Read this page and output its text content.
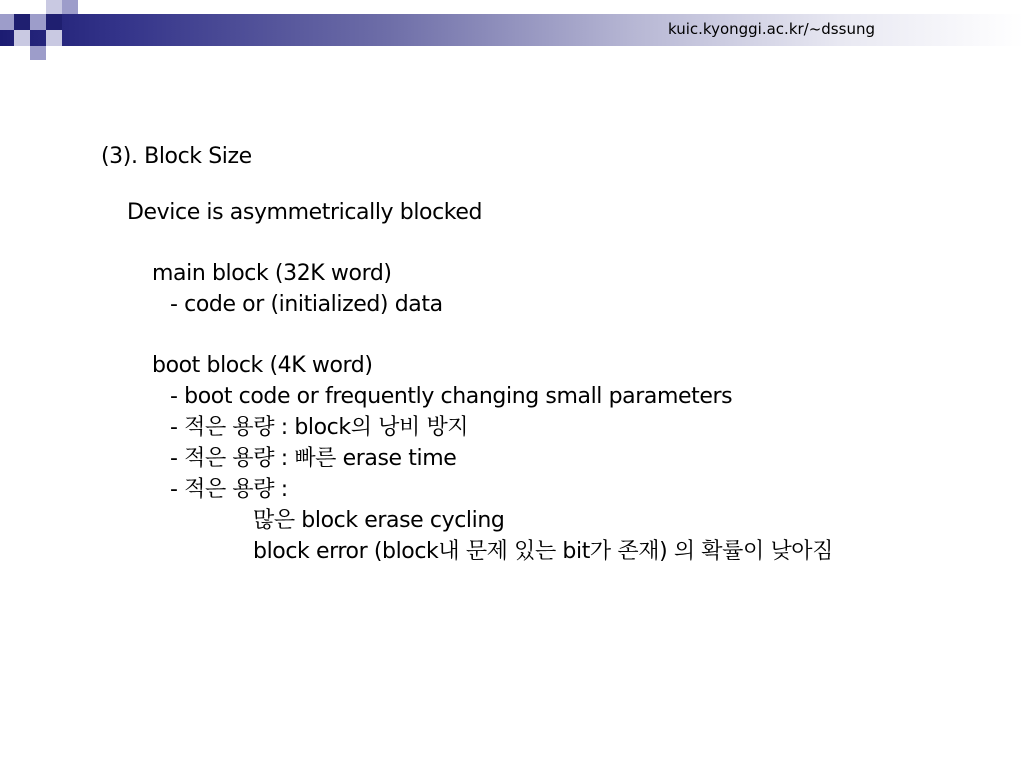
kuic.kyonggi.ac.kr/~dssung
(3). Block Size
Device is asymmetrically blocked
main block (32K word)
- code or (initialized) data
boot block (4K word)
- boot code or frequently changing small parameters
- 적은 용량 : block의 낭비 방지
- 적은 용량 : 빠른 erase time
- 적은 용량 :
많은 block erase cycling
block error (block내 문제 있는 bit가 존재) 의 확률이 낮아짐
